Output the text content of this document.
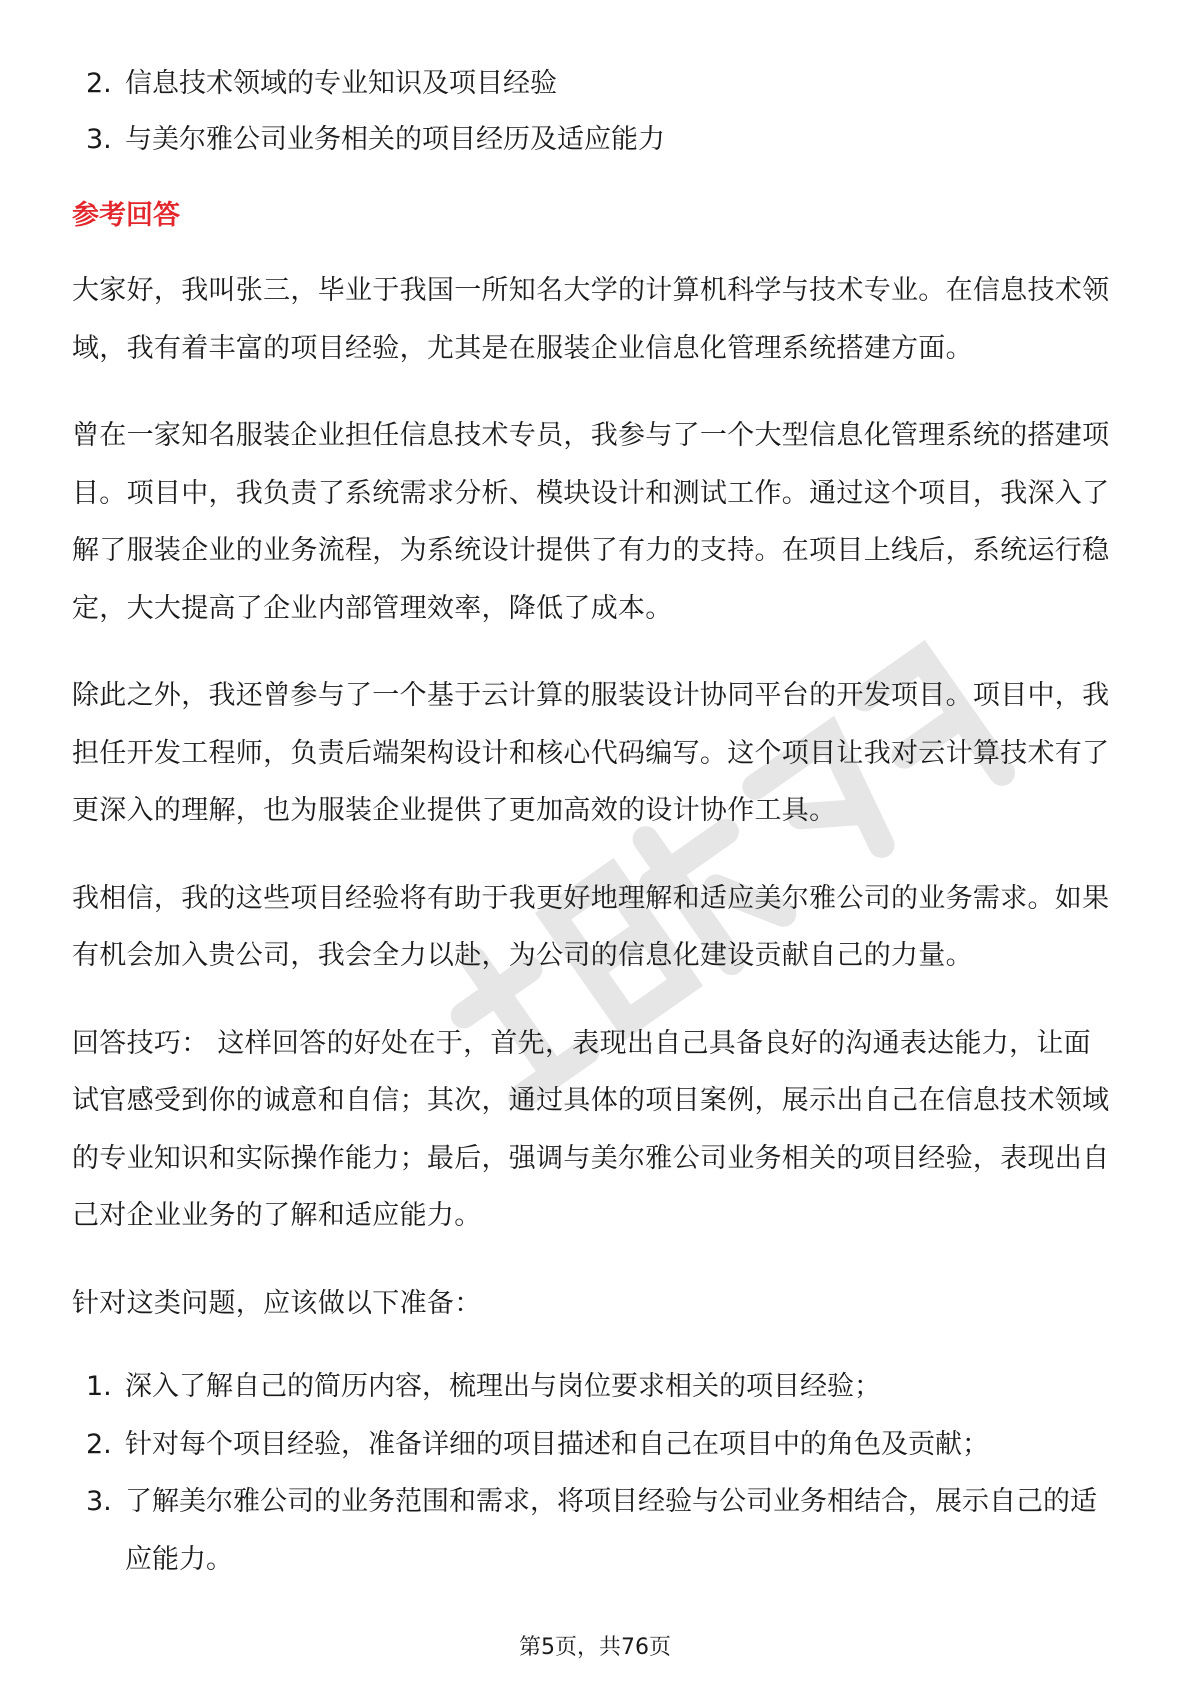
2. 信息技术领域的专业知识及项目经验
3. 与美尔雅公司业务相关的项目经历及适应能力
参考回答

大家好，我叫张三，毕业于我国一所知名大学的计算机科学与技术专业。在信息技术领域，我有着丰富的项目经验，尤其是在服装企业信息化管理系统搭建方面。

曾在一家知名服装企业担任信息技术专员，我参与了一个大型信息化管理系统的搭建项目。项目中，我负责了系统需求分析、模块设计和测试工作。通过这个项目，我深入了解了服装企业的业务流程，为系统设计提供了有力的支持。在项目上线后，系统运行稳定，大大提高了企业内部管理效率，降低了成本。

除此之外，我还曾参与了一个基于云计算的服装设计协同平台的开发项目。项目中，我担任开发工程师，负责后端架构设计和核心代码编写。这个项目让我对云计算技术有了更深入的理解，也为服装企业提供了更加高效的设计协作工具。

我相信，我的这些项目经验将有助于我更好地理解和适应美尔雅公司的业务需求。如果有机会加入贵公司，我会全力以赴，为公司的信息化建设贡献自己的力量。

回答技巧： 这样回答的好处在于，首先，表现出自己具备良好的沟通表达能力，让面试官感受到你的诚意和自信；其次，通过具体的项目案例，展示出自己在信息技术领域的专业知识和实际操作能力；最后，强调与美尔雅公司业务相关的项目经验，表现出自己对企业业务的了解和适应能力。

针对这类问题，应该做以下准备：

1. 深入了解自己的简历内容，梳理出与岗位要求相关的项目经验；
2. 针对每个项目经验，准备详细的项目描述和自己在项目中的角色及贡献；
3. 了解美尔雅公司的业务范围和需求，将项目经验与公司业务相结合，展示自己的适应能力。
第5页，共76页
